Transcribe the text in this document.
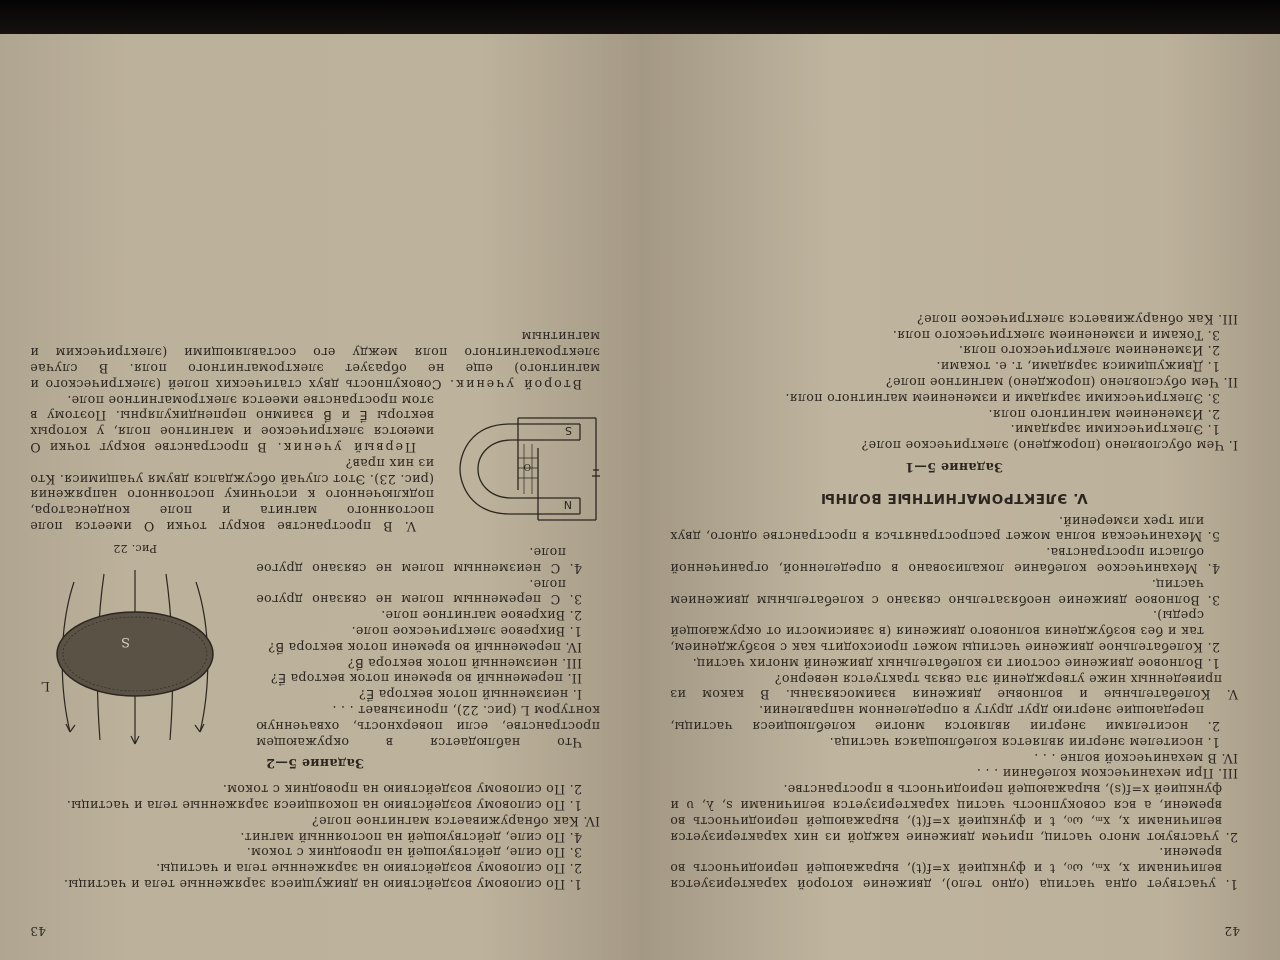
42

1. участвует одна частица (одно тело), движение которой характеризуется величинами x, xₘ, ω₀, t и функцией x=f(t), выражающей периодичность во времени.

2. участвуют много частиц, причем движение каждой из них характеризуется величинами x, xₘ, ω₀, t и функцией x=f(t), выражающей периодичность во времени, а вся совокупность частиц характеризуется величинами s, λ, υ и функцией x=f(s), выражающей периодичность в пространстве.

III. При механическом колебании . . .

IV. В механической волне . . .

1. носителем энергии является колеблющаяся частица.

2. носителями энергии являются многие колеблющиеся частицы, передающие энергию друг другу в определенном направлении.

V. Колебательные и волновые движения взаимосвязаны. В каком из приведенных ниже утверждений эта связь трактуется неверно?

1. Волновое движение состоит из колебательных движений многих частиц.

2. Колебательное движение частицы может происходить как с возбуждением, так и без возбуждения волнового движения (в зависимости от окружающей среды).

3. Волновое движение необязательно связано с колебательным движением частиц.

4. Механическое колебание локализовано в определенной, ограниченной области пространства.

5. Механическая волна может распространяться в пространстве одного, двух или трех измерений.

V. ЭЛЕКТРОМАГНИТНЫЕ ВОЛНЫ
Задание 5—1

I. Чем обусловлено (порождено) электрическое поле?

1. Электрическими зарядами.

2. Изменением магнитного поля.

3. Электрическими зарядами и изменением магнитного поля.

II. Чем обусловлено (порождено) магнитное поле?

1. Движущимися зарядами, т. е. токами.

2. Изменением электрического поля.

3. Токами и изменением электрического поля.

III. Как обнаруживается электрическое поле?

43

1. По силовому воздействию на движущиеся заряженные тела и частицы.

2. По силовому воздействию на заряженные тела и частицы.

3. По силе, действующей на проводник с током.

4. По силе, действующей на постоянный магнит.

IV. Как обнаруживается магнитное поле?

1. По силовому воздействию на покоящиеся заряженные тела и частицы.

2. По силовому воздействию на проводник с током.

Задание 5—2

Что наблюдается в окружающем пространстве, если поверхность, охваченную контуром L (рис. 22), пронизывает . . .

I. неизменный поток вектора E⃗?

II. переменный во времени поток вектора E⃗?

III. неизменный поток вектора B⃗?

IV. переменный во времени поток вектора B⃗?

1. Вихревое электрическое поле.

2. Вихревое магнитное поле.

3. С переменным полем не связано другое поле.

4. С неизменным полем не связано другое поле.

S
L
Рис. 22
N
S
O

V. В пространстве вокруг точки O имеется поле постоянного магнита и поле конденсатора, подключенного к источнику постоянного напряжения (рис. 23). Этот случай обсуждался двумя учащимися. Кто из них прав?

Первый ученик. В пространстве вокруг точки O имеются электрическое и магнитное поля, у которых векторы E⃗ и B⃗ взаимно перпендикулярны. Поэтому в этом пространстве имеется электромагнитное поле.

Второй ученик. Совокупность двух статических полей (электрического и магнитного) еще не образует электромагнитного поля. В случае электромагнитного поля между его составляющими (электрическим и магнитным
